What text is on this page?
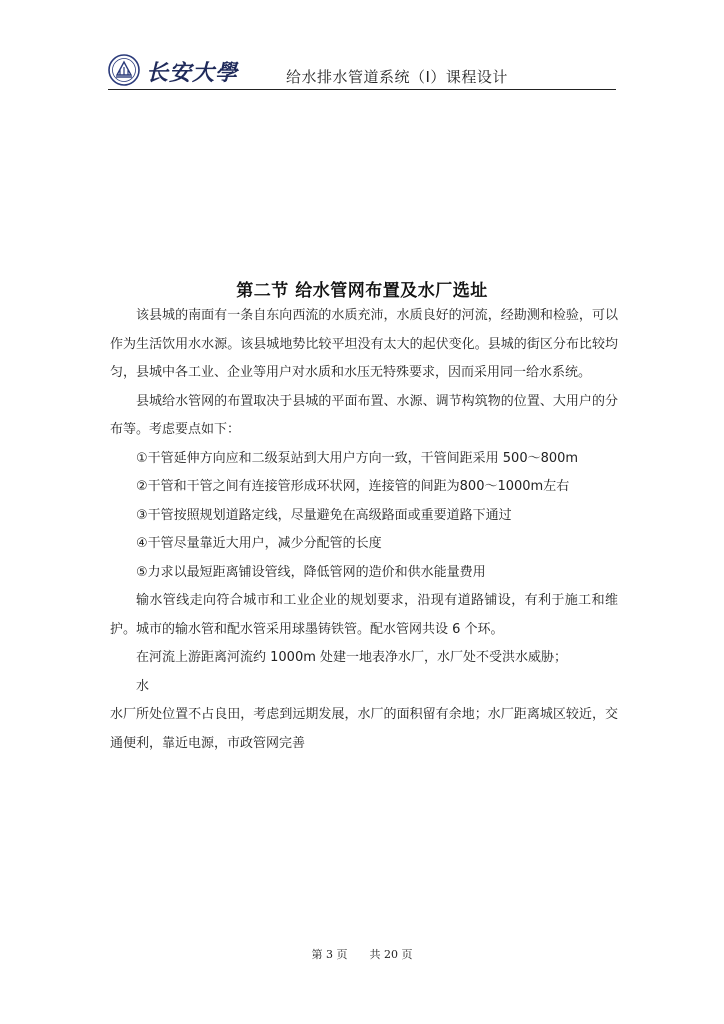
长安大學	给水排水管道系统（Ⅰ）课程设计
第二节 给水管网布置及水厂选址

该县城的南面有一条自东向西流的水质充沛，水质良好的河流，经勘测和检验，可以作为生活饮用水水源。该县城地势比较平坦没有太大的起伏变化。县城的街区分布比较均匀，县城中各工业、企业等用户对水质和水压无特殊要求，因而采用同一给水系统。

县城给水管网的布置取决于县城的平面布置、水源、调节构筑物的位置、大用户的分布等。考虑要点如下：

①干管延伸方向应和二级泵站到大用户方向一致，干管间距采用 500～800m

②干管和干管之间有连接管形成环状网，连接管的间距为800～1000m左右

③干管按照规划道路定线，尽量避免在高级路面或重要道路下通过

④干管尽量靠近大用户，减少分配管的长度

⑤力求以最短距离铺设管线，降低管网的造价和供水能量费用

输水管线走向符合城市和工业企业的规划要求，沿现有道路铺设，有利于施工和维护。城市的输水管和配水管采用球墨铸铁管。配水管网共设 6 个环。

在河流上游距离河流约 1000m 处建一地表净水厂，水厂处不受洪水威胁；

水

水厂所处位置不占良田，考虑到远期发展，水厂的面积留有余地；水厂距离城区较近，交通便利，靠近电源，市政管网完善

第 3 页 共 20 页
